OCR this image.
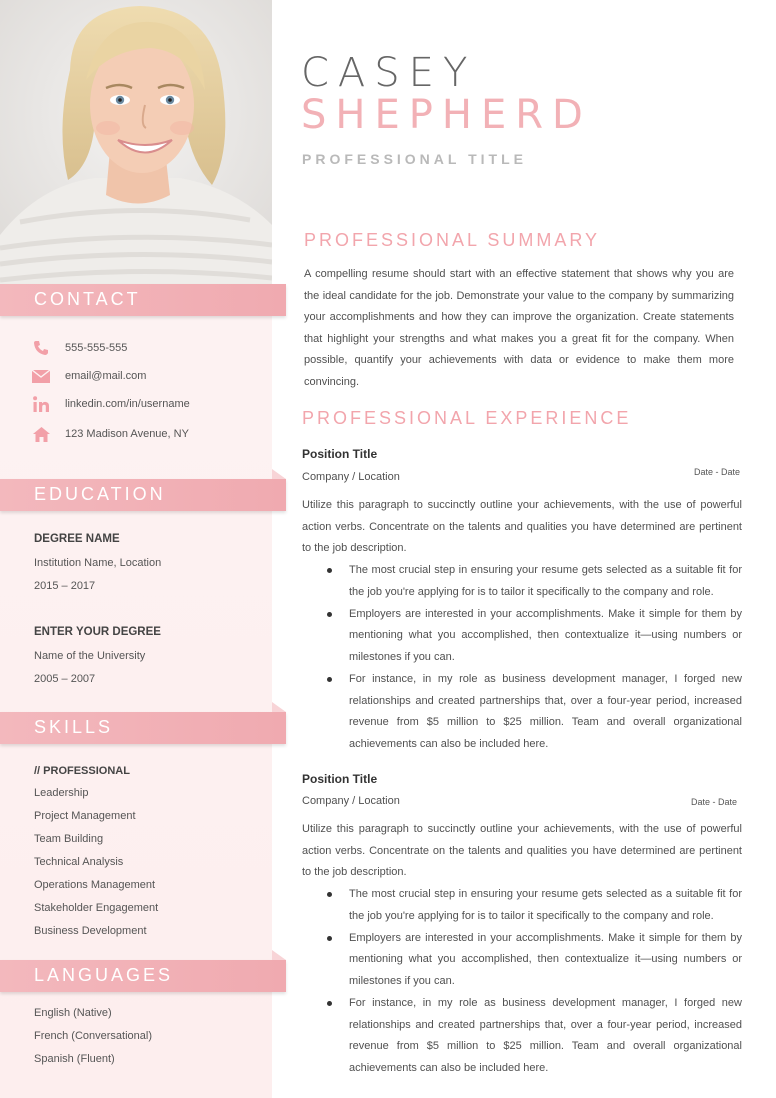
CONTACT
555-555-555
email@mail.com
linkedin.com/in/username
123 Madison Avenue, NY
EDUCATION
DEGREE NAME
Institution Name, Location
2015 – 2017
ENTER YOUR DEGREE
Name of the University
2005 – 2007
SKILLS
// PROFESSIONAL
Leadership
Project Management
Team Building
Technical Analysis
Operations Management
Stakeholder Engagement
Business Development
LANGUAGES
English (Native)
French (Conversational)
Spanish (Fluent)
CASEY
SHEPHERD
PROFESSIONAL TITLE
PROFESSIONAL SUMMARY
A compelling resume should start with an effective statement that shows why you are the ideal candidate for the job. Demonstrate your value to the company by summarizing your accomplishments and how they can improve the organization. Create statements that highlight your strengths and what makes you a great fit for the company. When possible, quantify your achievements with data or evidence to make them more convincing.
PROFESSIONAL EXPERIENCE
Position Title
Company / Location	Date - Date
Utilize this paragraph to succinctly outline your achievements, with the use of powerful action verbs. Concentrate on the talents and qualities you have determined are pertinent to the job description.
The most crucial step in ensuring your resume gets selected as a suitable fit for the job you're applying for is to tailor it specifically to the company and role.
Employers are interested in your accomplishments. Make it simple for them by mentioning what you accomplished, then contextualize it—using numbers or milestones if you can.
For instance, in my role as business development manager, I forged new relationships and created partnerships that, over a four-year period, increased revenue from $5 million to $25 million. Team and overall organizational achievements can also be included here.
Position Title
Company / Location	Date - Date
Utilize this paragraph to succinctly outline your achievements, with the use of powerful action verbs. Concentrate on the talents and qualities you have determined are pertinent to the job description.
The most crucial step in ensuring your resume gets selected as a suitable fit for the job you're applying for is to tailor it specifically to the company and role.
Employers are interested in your accomplishments. Make it simple for them by mentioning what you accomplished, then contextualize it—using numbers or milestones if you can.
For instance, in my role as business development manager, I forged new relationships and created partnerships that, over a four-year period, increased revenue from $5 million to $25 million. Team and overall organizational achievements can also be included here.
